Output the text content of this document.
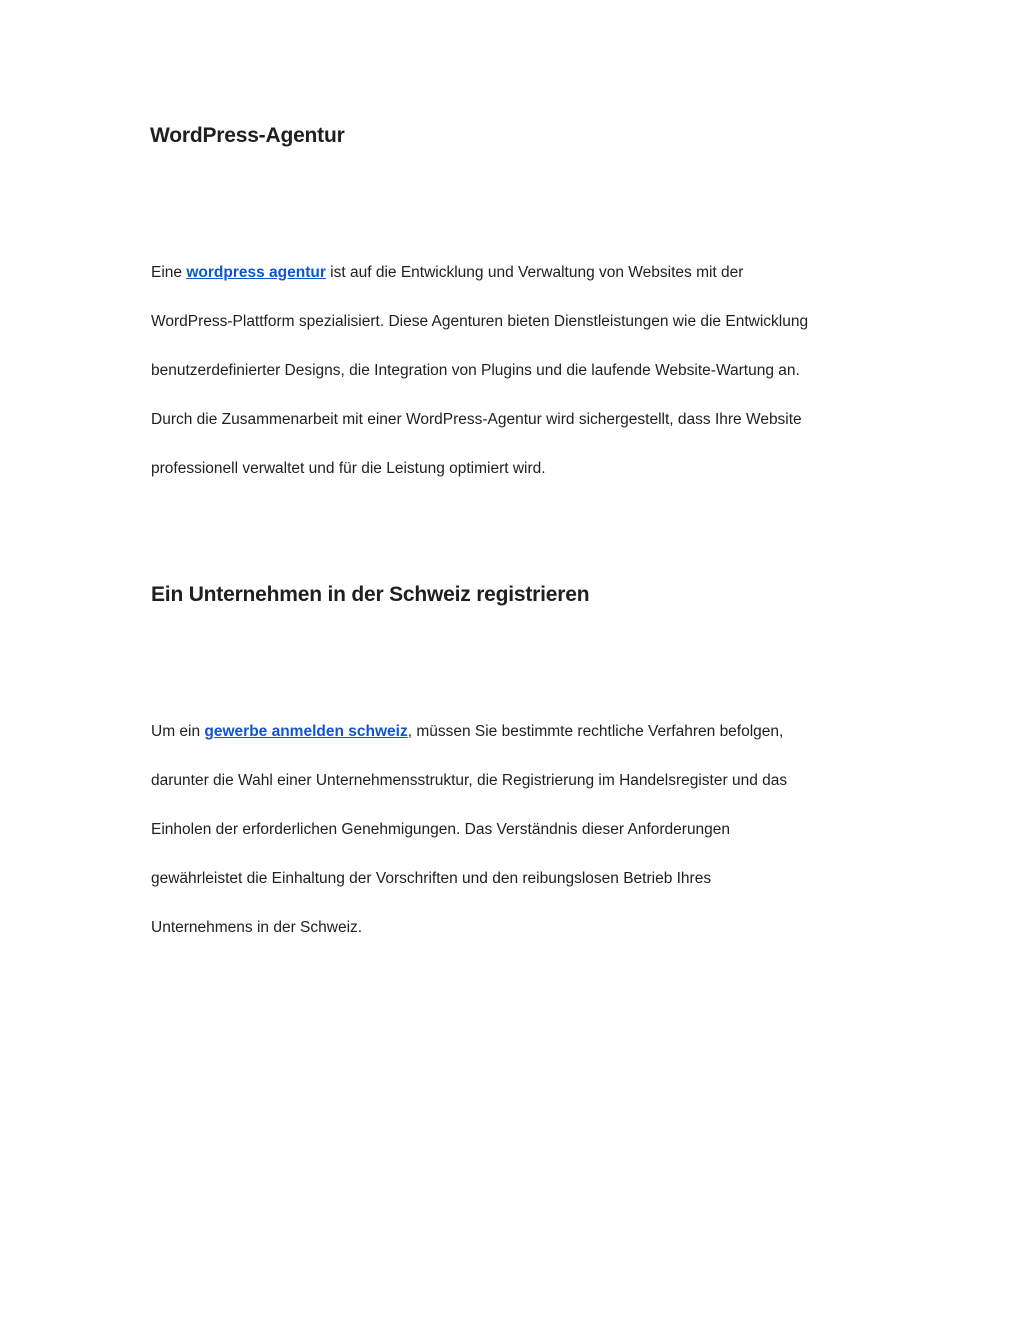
WordPress-Agentur
Eine wordpress agentur ist auf die Entwicklung und Verwaltung von Websites mit der
WordPress-Plattform spezialisiert. Diese Agenturen bieten Dienstleistungen wie die Entwicklung
benutzerdefinierter Designs, die Integration von Plugins und die laufende Website-Wartung an.
Durch die Zusammenarbeit mit einer WordPress-Agentur wird sichergestellt, dass Ihre Website
professionell verwaltet und für die Leistung optimiert wird.
Ein Unternehmen in der Schweiz registrieren
Um ein gewerbe anmelden schweiz, müssen Sie bestimmte rechtliche Verfahren befolgen,
darunter die Wahl einer Unternehmensstruktur, die Registrierung im Handelsregister und das
Einholen der erforderlichen Genehmigungen. Das Verständnis dieser Anforderungen
gewährleistet die Einhaltung der Vorschriften und den reibungslosen Betrieb Ihres
Unternehmens in der Schweiz.
